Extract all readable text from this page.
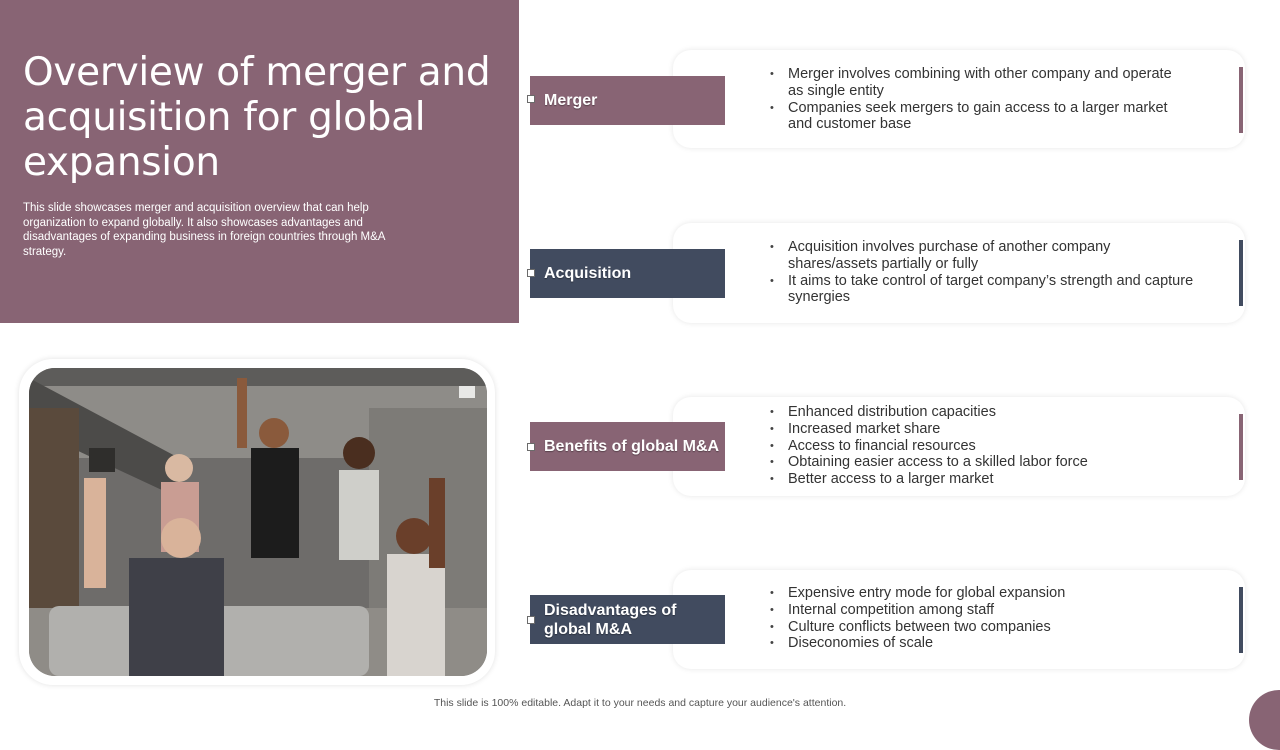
Overview of merger and acquisition for global expansion

This slide showcases merger and acquisition overview that can help organization to expand globally. It also showcases advantages and disadvantages of expanding business in foreign countries through M&A strategy.

Merger
• Merger involves combining with other company and operate as single entity
• Companies seek mergers to gain access to a larger market and customer base
Acquisition
• Acquisition involves purchase of another company shares/assets partially or fully
• It aims to take control of target company’s strength and capture synergies
Benefits of global M&A
• Enhanced distribution capacities
• Increased market share
• Access to financial resources
• Obtaining easier access to a skilled labor force
• Better access to a larger market
Disadvantages of global M&A
• Expensive entry mode for global expansion
• Internal competition among staff
• Culture conflicts between two companies
• Diseconomies of scale
This slide is 100% editable. Adapt it to your needs and capture your audience's attention.
